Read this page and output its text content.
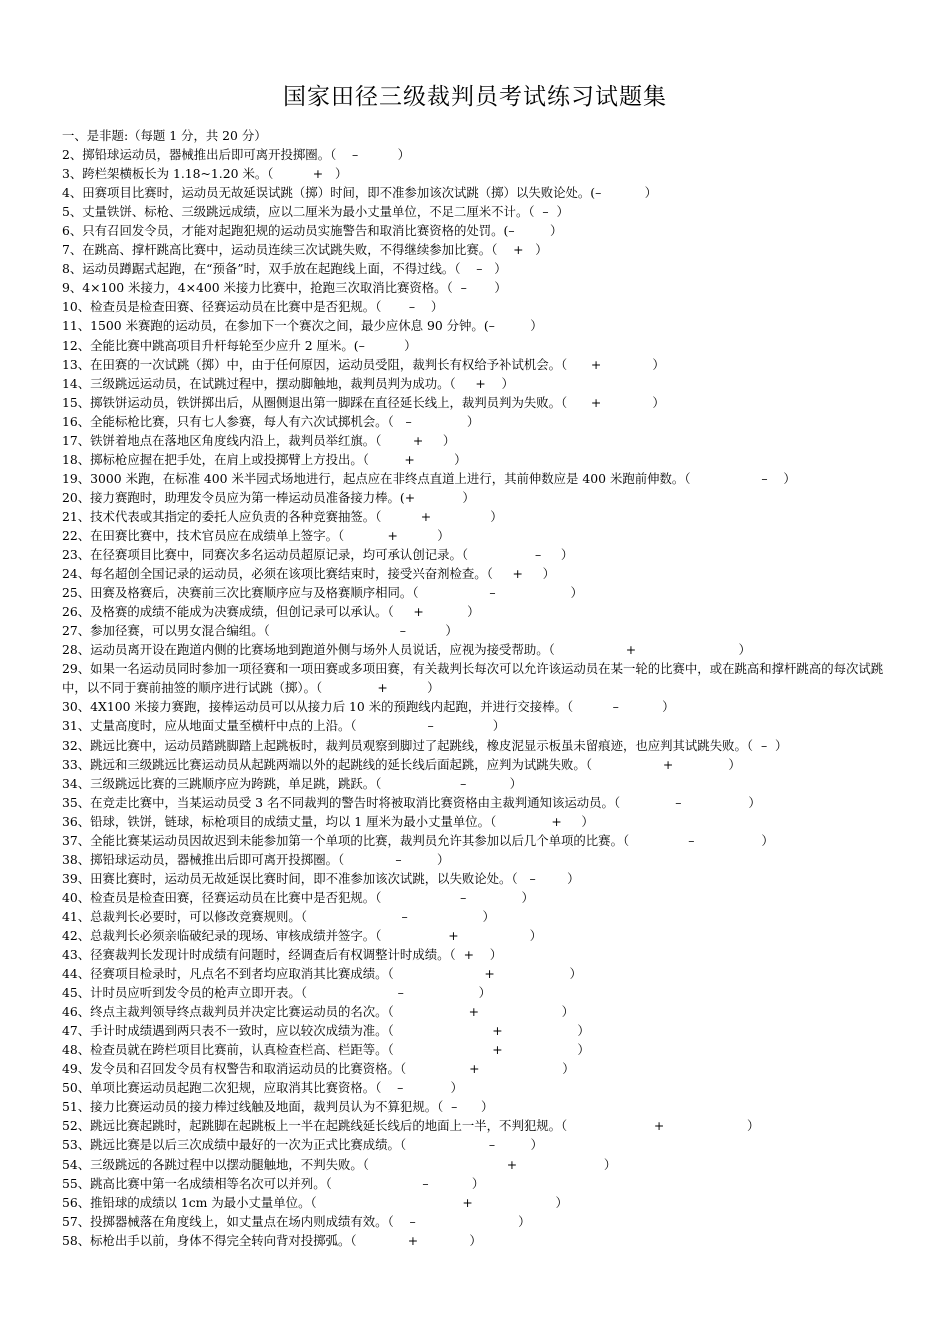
国家田径三级裁判员考试练习试题集
一、是非题:（每题 1 分，共 20 分）
2、掷铅球运动员，器械推出后即可离开投掷圈。（    –          ）
3、跨栏架横板长为 1.18~1.20 米。（          +   ）
4、田赛项目比赛时，运动员无故延误试跳（掷）时间，即不准参加该次试跳（掷）以失败论处。(–           ）
5、丈量铁饼、标枪、三级跳远成绩，应以二厘米为最小丈量单位，不足二厘米不计。（  –  ）
6、只有召回发令员，才能对起跑犯规的运动员实施警告和取消比赛资格的处罚。(–         ）
7、在跳高、撑杆跳高比赛中，运动员连续三次试跳失败，不得继续参加比赛。（    +   ）
8、运动员蹲踞式起跑，在“预备”时，双手放在起跑线上面，不得过线。（    –   ）
9、4×100 米接力，4×400 米接力比赛中，抢跑三次取消比赛资格。（  –       ）
10、检查员是检查田赛、径赛运动员在比赛中是否犯规。（       –    ）
11、1500 米赛跑的运动员，在参加下一个赛次之间，最少应休息 90 分钟。(–         ）
12、全能比赛中跳高项目升杆每轮至少应升 2 厘米。(–          ）
13、在田赛的一次试跳（掷）中，由于任何原因，运动员受阻，裁判长有权给予补试机会。（      +             ）
14、三级跳远运动员，在试跳过程中，摆动脚触地，裁判员判为成功。（     +    ）
15、掷铁饼运动员，铁饼掷出后，从圈侧退出第一脚踩在直径延长线上，裁判员判为失败。（      +             ）
16、全能标枪比赛，只有七人参赛，每人有六次试掷机会。（   –              ）
17、铁饼着地点在落地区角度线内沿上，裁判员举红旗。（        +     ）
18、掷标枪应握在把手处，在肩上或投掷臂上方投出。（         +          ）
19、3000 米跑，在标准 400 米半园式场地进行，起点应在非终点直道上进行，其前伸数应是 400 米跑前伸数。（                  –    ）
20、接力赛跑时，助理发令员应为第一棒运动员准备接力棒。(+            ）
21、技术代表或其指定的委托人应负责的各种竞赛抽签。（          +               ）
22、在田赛比赛中，技术官员应在成绩单上签字。（           +          ）
23、在径赛项目比赛中，同赛次多名运动员超原记录，均可承认创记录。（                 –     ）
24、每名超创全国记录的运动员，必须在该项比赛结束时，接受兴奋剂检查。（     +     ）
25、田赛及格赛后，决赛前三次比赛顺序应与及格赛顺序相同。（                  –                   ）
26、及格赛的成绩不能成为决赛成绩，但创记录可以承认。（     +           ）
27、参加径赛，可以男女混合编组。（                                 –          ）
28、运动员离开设在跑道内侧的比赛场地到跑道外侧与场外人员说话，应视为接受帮助。（                  +                          ）
29、如果一名运动员同时参加一项径赛和一项田赛或多项田赛，有关裁判长每次可以允许该运动员在某一轮的比赛中，或在跳高和撑杆跳高的每次试跳中，以不同于赛前抽签的顺序进行试跳（掷）。（              +          ）
30、4X100 米接力赛跑，接棒运动员可以从接力后 10 米的预跑线内起跑，并进行交接棒。（          –           ）
31、丈量高度时，应从地面丈量至横杆中点的上沿。（                  –               ）
32、跳远比赛中，运动员踏跳脚踏上起跳板时，裁判员观察到脚过了起跳线，橡皮泥显示板虽未留痕迹，也应判其试跳失败。（  –  ）
33、跳远和三级跳远比赛运动员从起跳两端以外的起跳线的延长线后面起跳，应判为试跳失败。（                  +              ）
34、三级跳远比赛的三跳顺序应为跨跳，单足跳，跳跃。（                    –           ）
35、在竞走比赛中，当某运动员受 3 名不同裁判的警告时将被取消比赛资格由主裁判通知该运动员。（              –                 ）
36、铅球，铁饼，链球，标枪项目的成绩丈量，均以 1 厘米为最小丈量单位。（              +     ）
37、全能比赛某运动员因故迟到未能参加第一个单项的比赛，裁判员允许其参加以后几个单项的比赛。（               –                 ）
38、掷铅球运动员，器械推出后即可离开投掷圈。（             –         ）
39、田赛比赛时，运动员无故延误比赛时间，即不准参加该次试跳，以失败论处。（   –        ）
40、检查员是检查田赛，径赛运动员在比赛中是否犯规。（                    –              ）
41、总裁判长必要时，可以修改竞赛规则。（                        –                   ）
42、总裁判长必须亲临破纪录的现场、审核成绩并签字。（                 +                  ）
43、径赛裁判长发现计时成绩有问题时，经调查后有权调整计时成绩。（  +    ）
44、径赛项目检录时，凡点名不到者均应取消其比赛成绩。（                       +                   ）
45、计时员应听到发令员的枪声立即开表。（                       –                   ）
46、终点主裁判领导终点裁判员并决定比赛运动员的名次。（                   +                     ）
47、手计时成绩遇到两只表不一致时，应以较次成绩为准。（                         +                   ）
48、检查员就在跨栏项目比赛前，认真检查栏高、栏距等。（                         +                   ）
49、发令员和召回发令员有权警告和取消运动员的比赛资格。（                +                     ）
50、单项比赛运动员起跑二次犯规，应取消其比赛资格。（    –            ）
51、接力比赛运动员的接力棒过线触及地面，裁判员认为不算犯规。（  –      ）
52、跳远比赛起跳时，起跳脚在起跳板上一半在起跳线延长线后的地面上一半，不判犯规。（                      +                     ）
53、跳远比赛是以后三次成绩中最好的一次为正式比赛成绩。（                     –         ）
54、三级跳远的各跳过程中以摆动腿触地，不判失败。（                                   +                      ）
55、跳高比赛中第一名成绩相等名次可以并列。（                       –           ）
56、推铅球的成绩以 1cm 为最小丈量单位。（                                     +                     ）
57、投掷器械落在角度线上，如丈量点在场内则成绩有效。（    –                          ）
58、标枪出手以前，身体不得完全转向背对投掷弧。（             +             ）
